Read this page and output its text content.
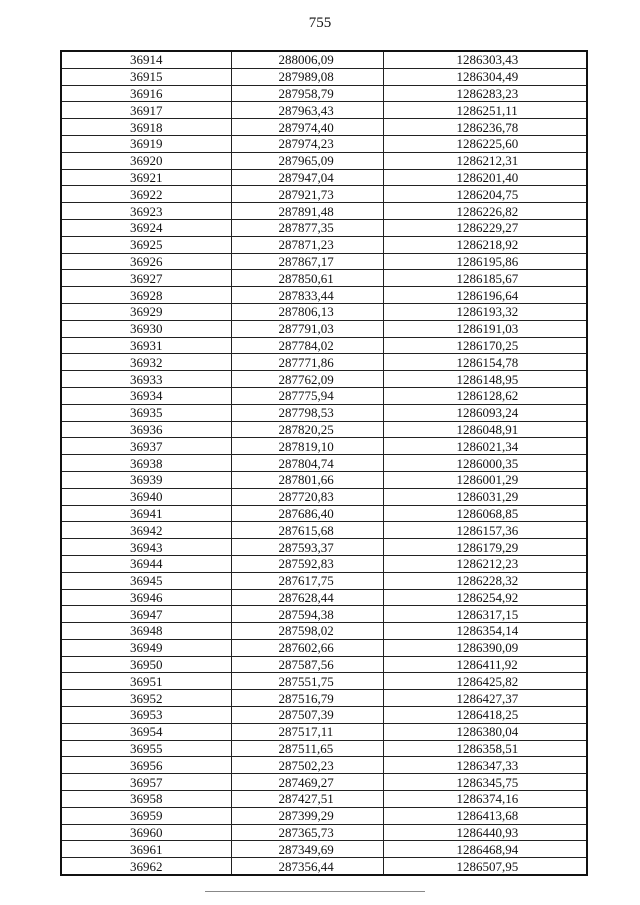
755
36914	288006,09	1286303,43
36915	287989,08	1286304,49
36916	287958,79	1286283,23
36917	287963,43	1286251,11
36918	287974,40	1286236,78
36919	287974,23	1286225,60
36920	287965,09	1286212,31
36921	287947,04	1286201,40
36922	287921,73	1286204,75
36923	287891,48	1286226,82
36924	287877,35	1286229,27
36925	287871,23	1286218,92
36926	287867,17	1286195,86
36927	287850,61	1286185,67
36928	287833,44	1286196,64
36929	287806,13	1286193,32
36930	287791,03	1286191,03
36931	287784,02	1286170,25
36932	287771,86	1286154,78
36933	287762,09	1286148,95
36934	287775,94	1286128,62
36935	287798,53	1286093,24
36936	287820,25	1286048,91
36937	287819,10	1286021,34
36938	287804,74	1286000,35
36939	287801,66	1286001,29
36940	287720,83	1286031,29
36941	287686,40	1286068,85
36942	287615,68	1286157,36
36943	287593,37	1286179,29
36944	287592,83	1286212,23
36945	287617,75	1286228,32
36946	287628,44	1286254,92
36947	287594,38	1286317,15
36948	287598,02	1286354,14
36949	287602,66	1286390,09
36950	287587,56	1286411,92
36951	287551,75	1286425,82
36952	287516,79	1286427,37
36953	287507,39	1286418,25
36954	287517,11	1286380,04
36955	287511,65	1286358,51
36956	287502,23	1286347,33
36957	287469,27	1286345,75
36958	287427,51	1286374,16
36959	287399,29	1286413,68
36960	287365,73	1286440,93
36961	287349,69	1286468,94
36962	287356,44	1286507,95
